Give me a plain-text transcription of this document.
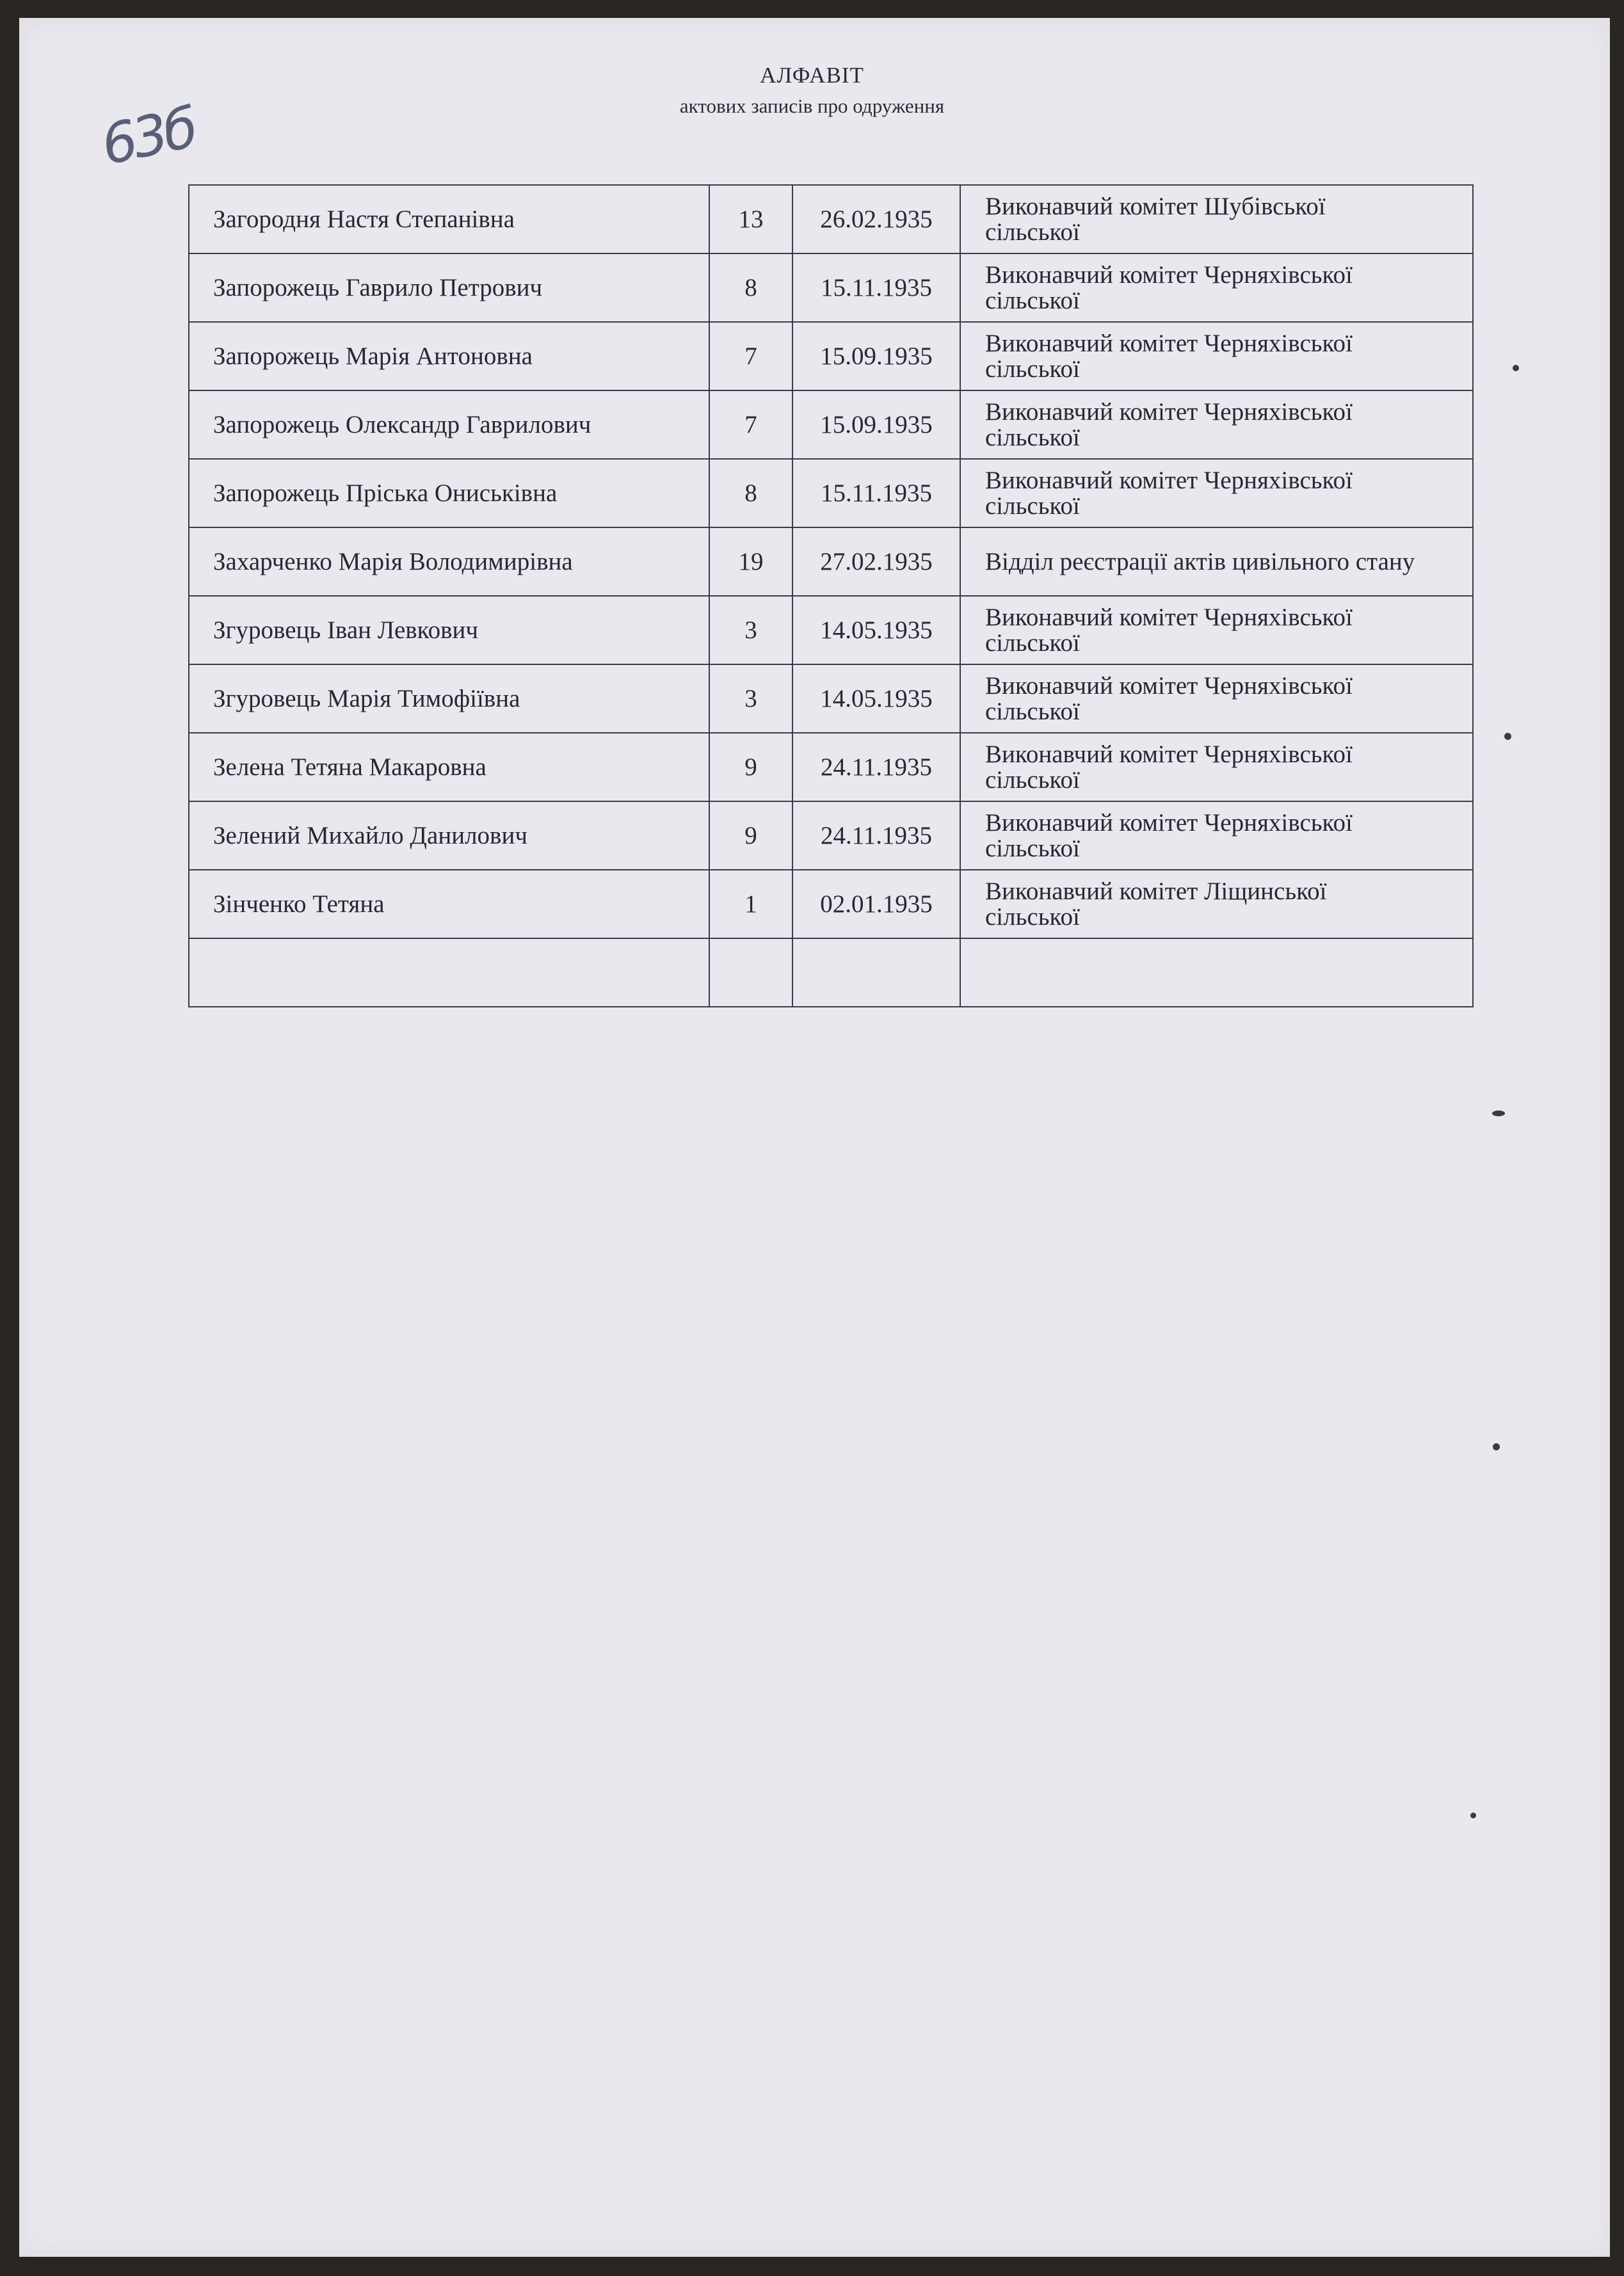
63б
АЛФАВІТ
актових записів про одруження
Загородня Настя Степанівна	13	26.02.1935	Виконавчий комітет Шубівської
сільської

Запорожець Гаврило Петрович	8	15.11.1935	Виконавчий комітет Черняхівської
сільської

Запорожець Марія Антоновна	7	15.09.1935	Виконавчий комітет Черняхівської
сільської

Запорожець Олександр Гаврилович	7	15.09.1935	Виконавчий комітет Черняхівської
сільської

Запорожець Пріська Ониськівна	8	15.11.1935	Виконавчий комітет Черняхівської
сільської

Захарченко Марія Володимирівна	19	27.02.1935	Відділ реєстрації актів цивільного стану

Згуровець Іван Левкович	3	14.05.1935	Виконавчий комітет Черняхівської
сільської

Згуровець Марія Тимофіївна	3	14.05.1935	Виконавчий комітет Черняхівської
сільської

Зелена Тетяна Макаровна	9	24.11.1935	Виконавчий комітет Черняхівської
сільської

Зелений Михайло Данилович	9	24.11.1935	Виконавчий комітет Черняхівської
сільської

Зінченко Тетяна	1	02.01.1935	Виконавчий комітет Ліщинської
сільської
